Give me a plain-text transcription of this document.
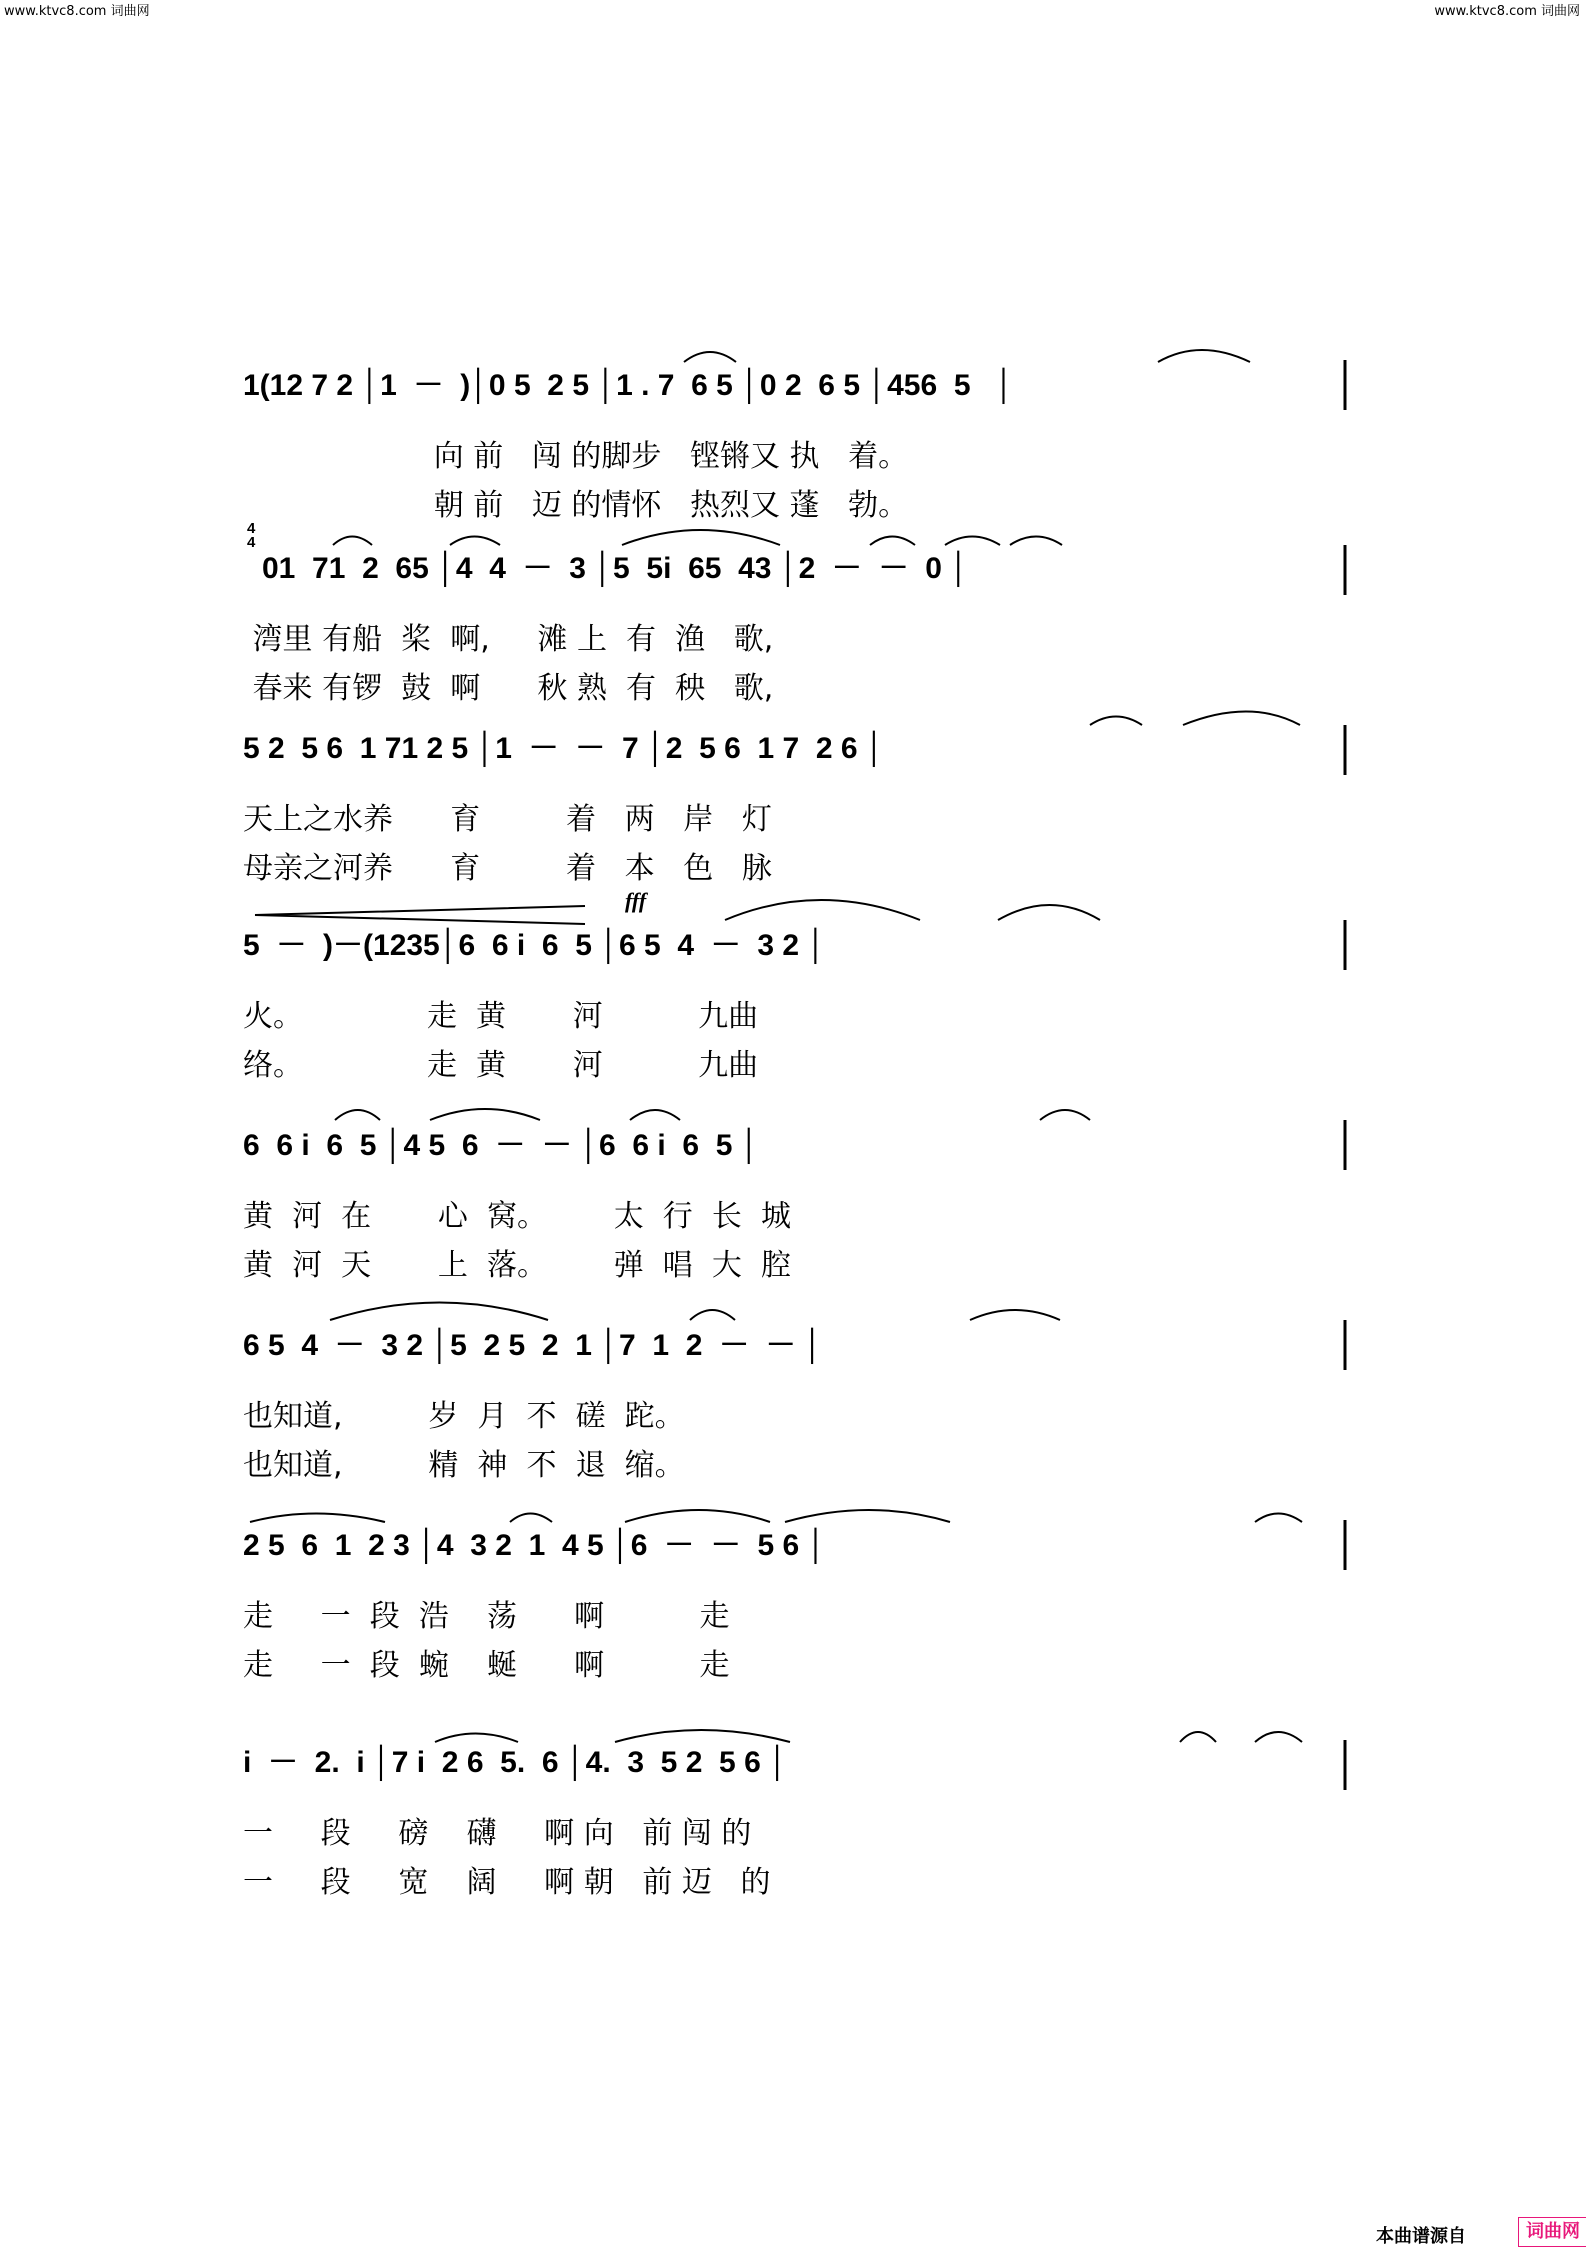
www.ktvc8.com 词曲网	www.ktvc8.com 词曲网
1(12 7 2 │1  －  )│0 5  2 5 │1 . 7  6 5 │0 2  6 5 │456  5   │
向 前   闯 的脚步   铿锵又 执   着。
朝 前   迈 的情怀   热烈又 蓬   勃。
4
4
01  71  2  65 │4  4  －  3 │5  5i  65  43 │2  －  －  0 │
湾里 有船  桨  啊,     滩 上  有  渔   歌,
春来 有锣  鼓  啊      秋 熟  有  秧   歌,
5 2  5 6  1 71 2 5 │1  －  －  7 │2  5 6  1 7  2 6 │
天上之水养      育         着   两   岸   灯
母亲之河养      育         着   本   色   脉
fff
5  －  )－(1235│6  6 i  6  5 │6 5  4  －  3 2 │
火。             走  黄       河          九曲
络。             走  黄       河          九曲
6  6 i  6  5 │4 5  6  －  － │6  6 i  6  5 │
黄  河  在       心  窝。       太  行  长  城
黄  河  天       上  落。       弹  唱  大  腔
6 5  4  －  3 2 │5  2 5  2  1 │7  1  2  －  － │
也知道,         岁  月  不  磋  跎。
也知道,         精  神  不  退  缩。
2 5  6  1  2 3 │4  3 2  1  4 5 │6  －  －  5 6 │
走     一  段  浩    荡      啊          走
走     一  段  蜿    蜒      啊          走
i  －  2.  i │7 i  2 6  5.  6 │4.  3  5 2  5 6 │
一     段     磅    礴     啊 向   前 闯 的
一     段     宽    阔     啊 朝   前 迈   的
本曲谱源自	词曲网
